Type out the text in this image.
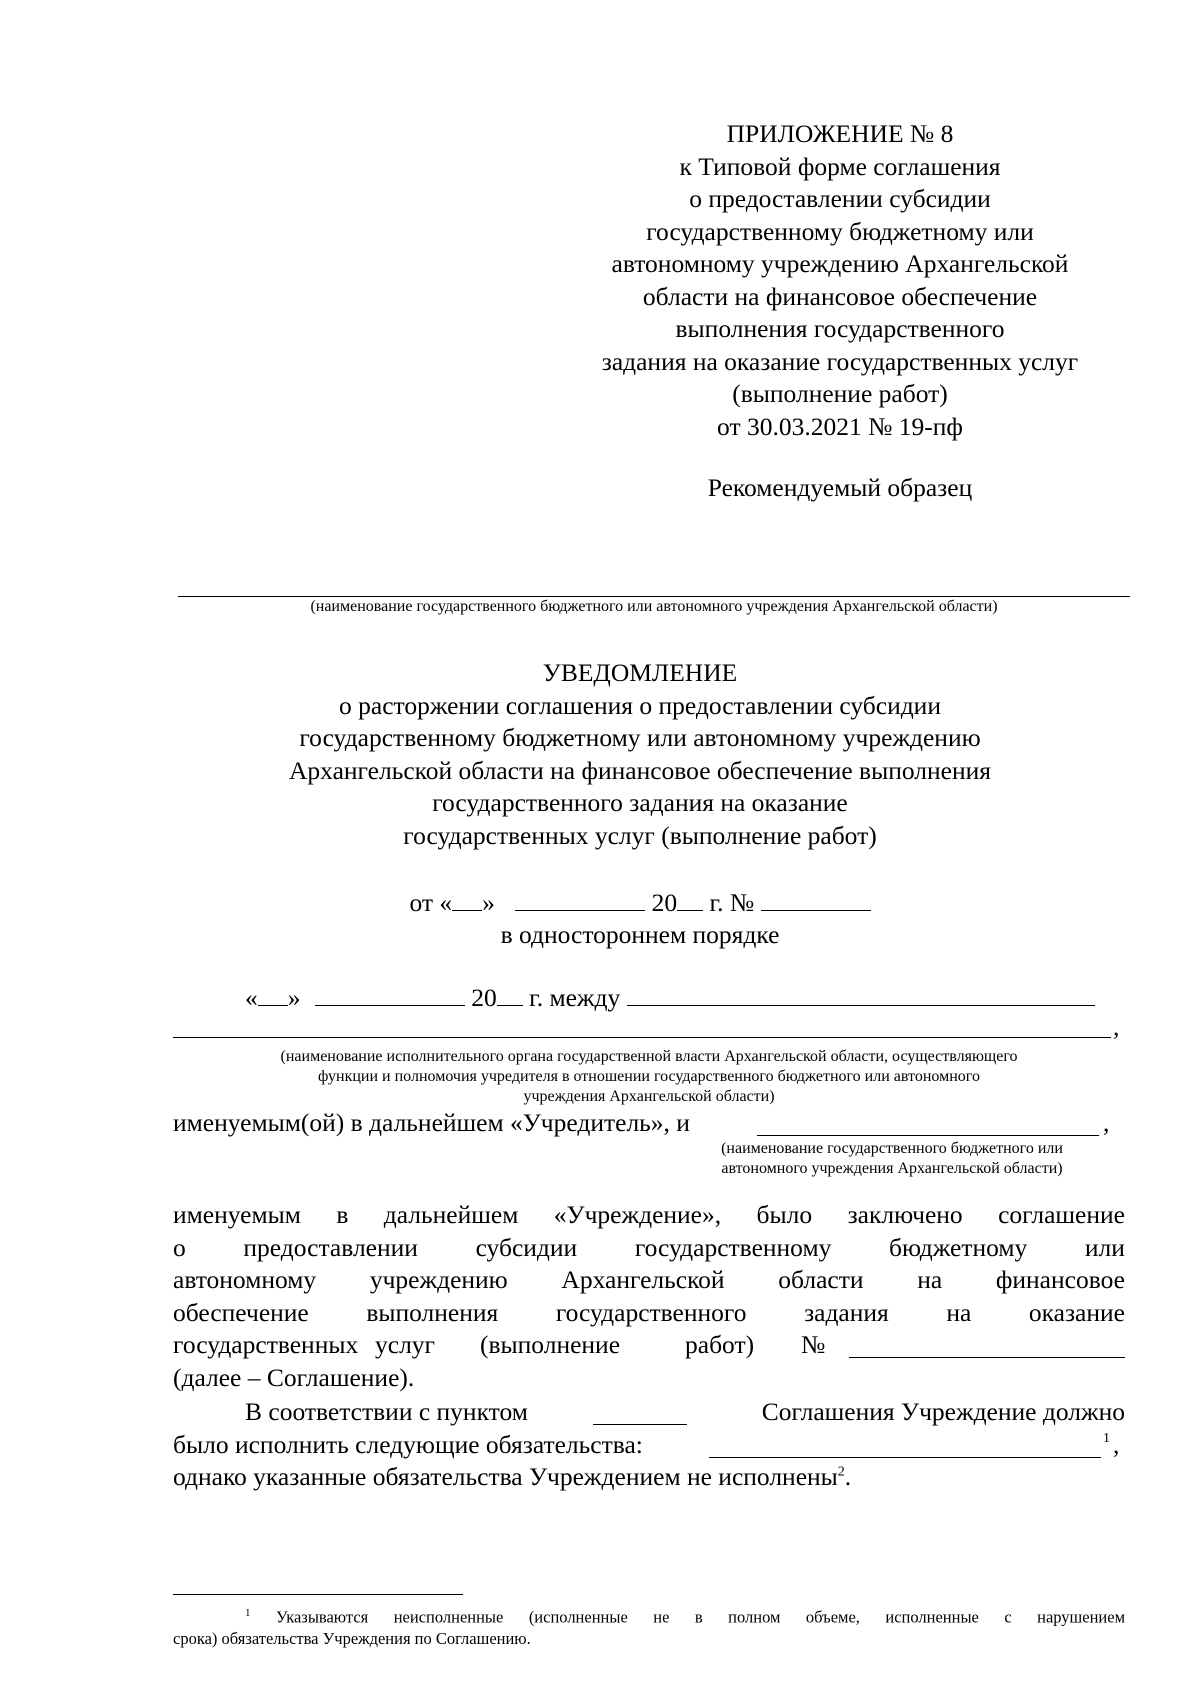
ПРИЛОЖЕНИЕ № 8
к Типовой форме соглашения
о предоставлении субсидии
государственному бюджетному или
автономному учреждению Архангельской
области на финансовое обеспечение
выполнения государственного
задания на оказание государственных услуг
(выполнение работ)
от 30.03.2021 № 19-пф
Рекомендуемый образец
(наименование государственного бюджетного или автономного учреждения Архангельской области)
УВЕДОМЛЕНИЕ
о расторжении соглашения о предоставлении субсидии
государственному бюджетному или автономному учреждению
Архангельской области на финансовое обеспечение выполнения
государственного задания на оказание
государственных услуг (выполнение работ)
от « »	20 г. №
в одностороннем порядке
« »	20 г. между
,
(наименование исполнительного органа государственной власти Архангельской области, осуществляющего
функции и полномочия учредителя в отношении государственного бюджетного или автономного
учреждения Архангельской области)
именуемым(ой) в дальнейшем «Учредитель», и	,
(наименование государственного бюджетного или
автономного учреждения Архангельской области)
именуемым в дальнейшем «Учреждение», было заключено соглашение
о предоставлении субсидии государственному бюджетному или
автономному учреждению Архангельской области на финансовое
обеспечение выполнения государственного задания на оказание
государственных услуг (выполнение	работ) №
(далее – Соглашение).
В соответствии с пунктом	Соглашения Учреждение должно
было исполнить следующие обязательства:	1 ,
однако указанные обязательства Учреждением не исполнены$^2$.
$^1$ Указываются неисполненные (исполненные не в полном объеме, исполненные с нарушением
срока) обязательства Учреждения по Соглашению.
